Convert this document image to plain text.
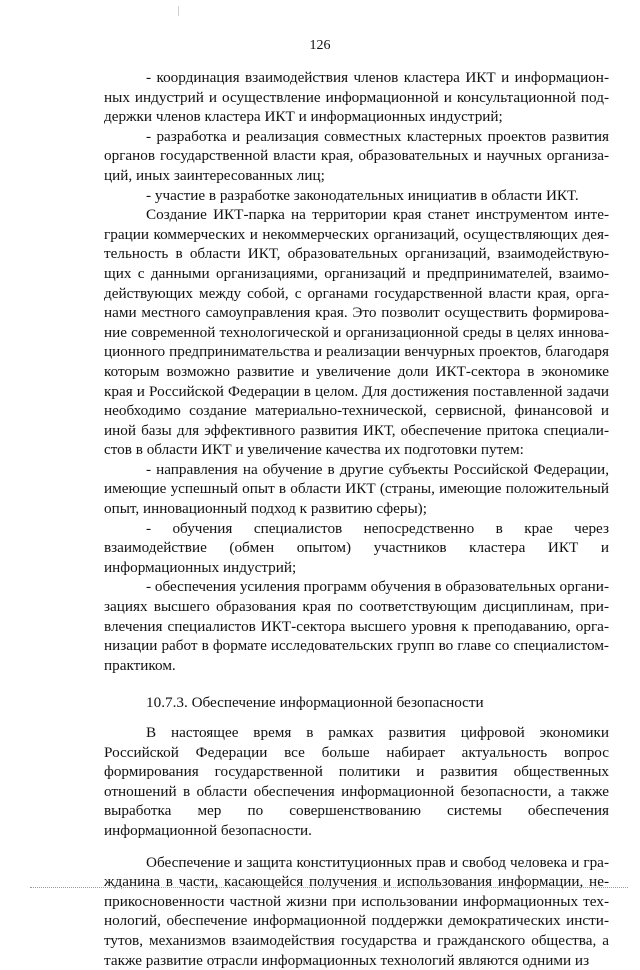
126

- координация взаимодействия членов кластера ИКТ и информационных индустрий и осуществление информационной и консультационной поддержки членов кластера ИКТ и информационных индустрий;

- разработка и реализация совместных кластерных проектов развития органов государственной власти края, образовательных и научных организаций, иных заинтересованных лиц;

- участие в разработке законодательных инициатив в области ИКТ.

Создание ИКТ-парка на территории края станет инструментом интеграции коммерческих и некоммерческих организаций, осуществляющих деятельность в области ИКТ, образовательных организаций, взаимодействующих с данными организациями, организаций и предпринимателей, взаимодействующих между собой, с органами государственной власти края, органами местного самоуправления края. Это позволит осуществить формирование современной технологической и организационной среды в целях инновационного предпринимательства и реализации венчурных проектов, благодаря которым возможно развитие и увеличение доли ИКТ-сектора в экономике края и Российской Федерации в целом. Для достижения поставленной задачи необходимо создание материально-технической, сервисной, финансовой и иной базы для эффективного развития ИКТ, обеспечение притока специалистов в области ИКТ и увеличение качества их подготовки путем:

- направления на обучение в другие субъекты Российской Федерации, имеющие успешный опыт в области ИКТ (страны, имеющие положительный опыт, инновационный подход к развитию сферы);

- обучения специалистов непосредственно в крае через взаимодействие (обмен опытом) участников кластера ИКТ и информационных индустрий;

- обеспечения усиления программ обучения в образовательных организациях высшего образования края по соответствующим дисциплинам, привлечения специалистов ИКТ-сектора высшего уровня к преподаванию, организации работ в формате исследовательских групп во главе со специалистом-практиком.

10.7.3. Обеспечение информационной безопасности

В настоящее время в рамках развития цифровой экономики Российской Федерации все больше набирает актуальность вопрос формирования государственной политики и развития общественных отношений в области обеспечения информационной безопасности, а также выработка мер по совершенствованию системы обеспечения информационной безопасности.

Обеспечение и защита конституционных прав и свобод человека и гражданина в части, касающейся получения и использования информации, неприкосновенности частной жизни при использовании информационных технологий, обеспечение информационной поддержки демократических институтов, механизмов взаимодействия государства и гражданского общества, а также развитие отрасли информационных технологий являются одними из
